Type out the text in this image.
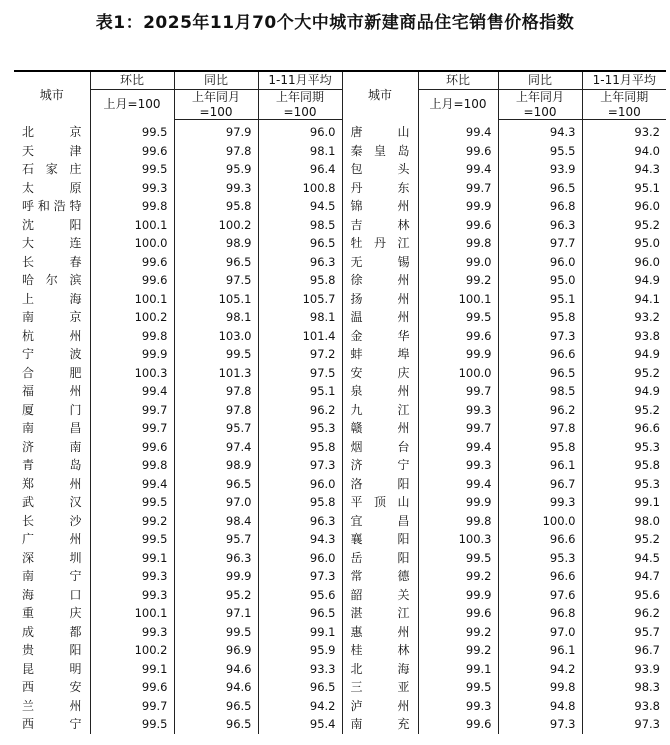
表1：2025年11月70个大中城市新建商品住宅销售价格指数
城市	环比	同比	1-11月平均	城市	环比	同比	1-11月平均
	上月=100	上年同月	上年同期		上月=100	上年同月	上年同期
		=100	=100			=100	=100
北京	99.5	97.9	96.0	唐山	99.4	94.3	93.2
天津	99.6	97.8	98.1	秦皇岛	99.6	95.5	94.0
石家庄	99.5	95.9	96.4	包头	99.4	93.9	94.3
太原	99.3	99.3	100.8	丹东	99.7	96.5	95.1
呼和浩特	99.8	95.8	94.5	锦州	99.9	96.8	96.0
沈阳	100.1	100.2	98.5	吉林	99.6	96.3	95.2
大连	100.0	98.9	96.5	牡丹江	99.8	97.7	95.0
长春	99.6	96.5	96.3	无锡	99.0	96.0	96.0
哈尔滨	99.6	97.5	95.8	徐州	99.2	95.0	94.9
上海	100.1	105.1	105.7	扬州	100.1	95.1	94.1
南京	100.2	98.1	98.1	温州	99.5	95.8	93.2
杭州	99.8	103.0	101.4	金华	99.6	97.3	93.8
宁波	99.9	99.5	97.2	蚌埠	99.9	96.6	94.9
合肥	100.3	101.3	97.5	安庆	100.0	96.5	95.2
福州	99.4	97.8	95.1	泉州	99.7	98.5	94.9
厦门	99.7	97.8	96.2	九江	99.3	96.2	95.2
南昌	99.7	95.7	95.3	赣州	99.7	97.8	96.6
济南	99.6	97.4	95.8	烟台	99.4	95.8	95.3
青岛	99.8	98.9	97.3	济宁	99.3	96.1	95.8
郑州	99.4	96.5	96.0	洛阳	99.4	96.7	95.3
武汉	99.5	97.0	95.8	平顶山	99.9	99.3	99.1
长沙	99.2	98.4	96.3	宜昌	99.8	100.0	98.0
广州	99.5	95.7	94.3	襄阳	100.3	96.6	95.2
深圳	99.1	96.3	96.0	岳阳	99.5	95.3	94.5
南宁	99.3	99.9	97.3	常德	99.2	96.6	94.7
海口	99.3	95.2	95.6	韶关	99.9	97.6	95.6
重庆	100.1	97.1	96.5	湛江	99.6	96.8	96.2
成都	99.3	99.5	99.1	惠州	99.2	97.0	95.7
贵阳	100.2	96.9	95.9	桂林	99.2	96.1	96.7
昆明	99.1	94.6	93.3	北海	99.1	94.2	93.9
西安	99.6	94.6	96.5	三亚	99.5	99.8	98.3
兰州	99.7	96.5	94.2	泸州	99.3	94.8	93.8
西宁	99.5	96.5	95.4	南充	99.6	97.3	97.3
